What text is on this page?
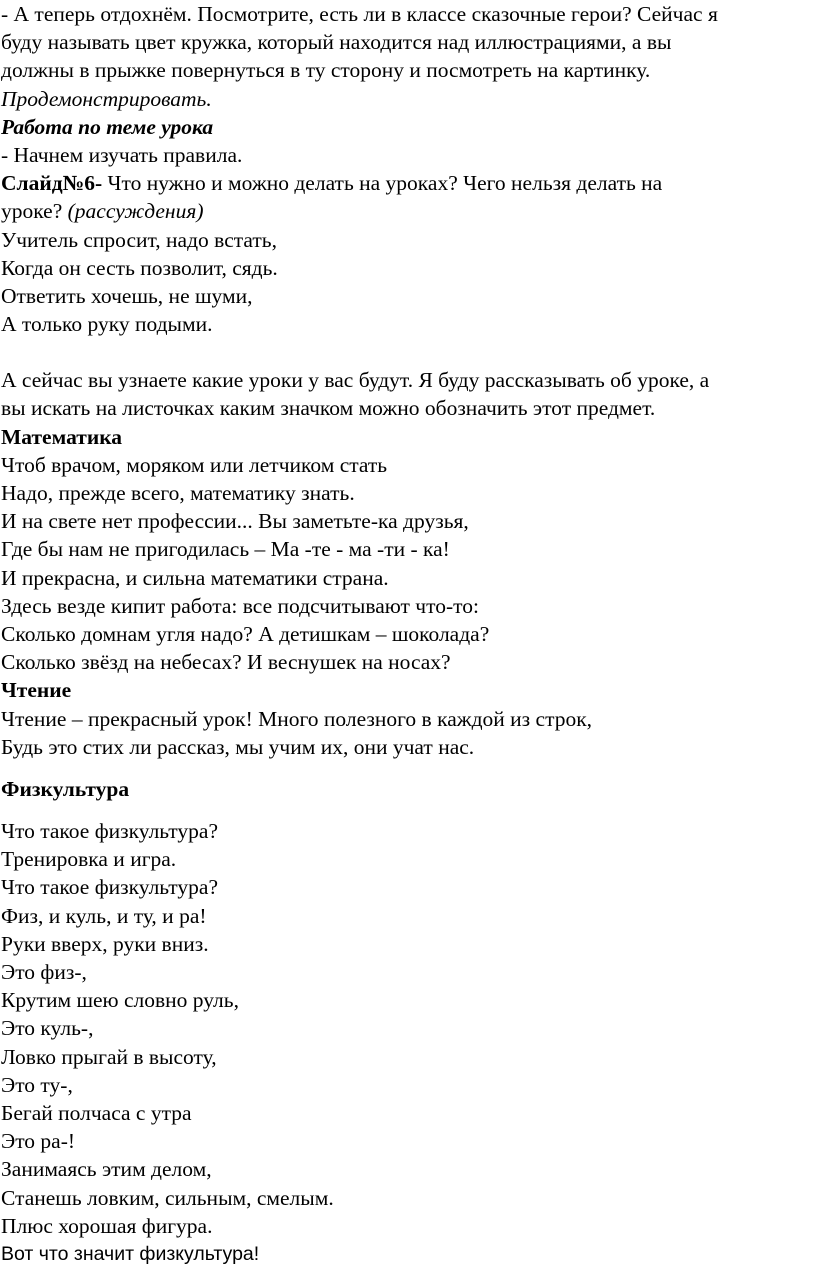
- А теперь отдохнём. Посмотрите, есть ли в классе сказочные герои? Сейчас я
буду называть цвет кружка, который находится над иллюстрациями, а вы
должны в прыжке повернуться в ту сторону и посмотреть на картинку.
Продемонстрировать.
Работа по теме урока
- Начнем изучать правила.
Слайд№6- Что нужно и можно делать на уроках? Чего нельзя делать на
уроке? (рассуждения)
Учитель спросит, надо встать,
Когда он сесть позволит, сядь.
Ответить хочешь, не шуми,
А только руку подыми.
А сейчас вы узнаете какие уроки у вас будут. Я буду рассказывать об уроке, а
вы искать на листочках каким значком можно обозначить этот предмет.
Математика
Чтоб врачом, моряком или летчиком стать
Надо, прежде всего, математику знать.
И на свете нет профессии... Вы заметьте-ка друзья,
Где бы нам не пригодилась – Ма -те - ма -ти - ка!
И прекрасна, и сильна математики страна.
Здесь везде кипит работа: все подсчитывают что-то:
Сколько домнам угля надо? А детишкам – шоколада?
Сколько звёзд на небесах? И веснушек на носах?
Чтение
Чтение – прекрасный урок! Много полезного в каждой из строк,
Будь это стих ли рассказ, мы учим их, они учат нас.
Физкультура
Что такое физкультура?
Тренировка и игра.
Что такое физкультура?
Физ, и куль, и ту, и ра!
Руки вверх, руки вниз.
Это физ-,
Крутим шею словно руль,
Это куль-,
Ловко прыгай в высоту,
Это ту-,
Бегай полчаса с утра
Это ра-!
Занимаясь этим делом,
Станешь ловким, сильным, смелым.
Плюс хорошая фигура.
Вот что значит физкультура!
